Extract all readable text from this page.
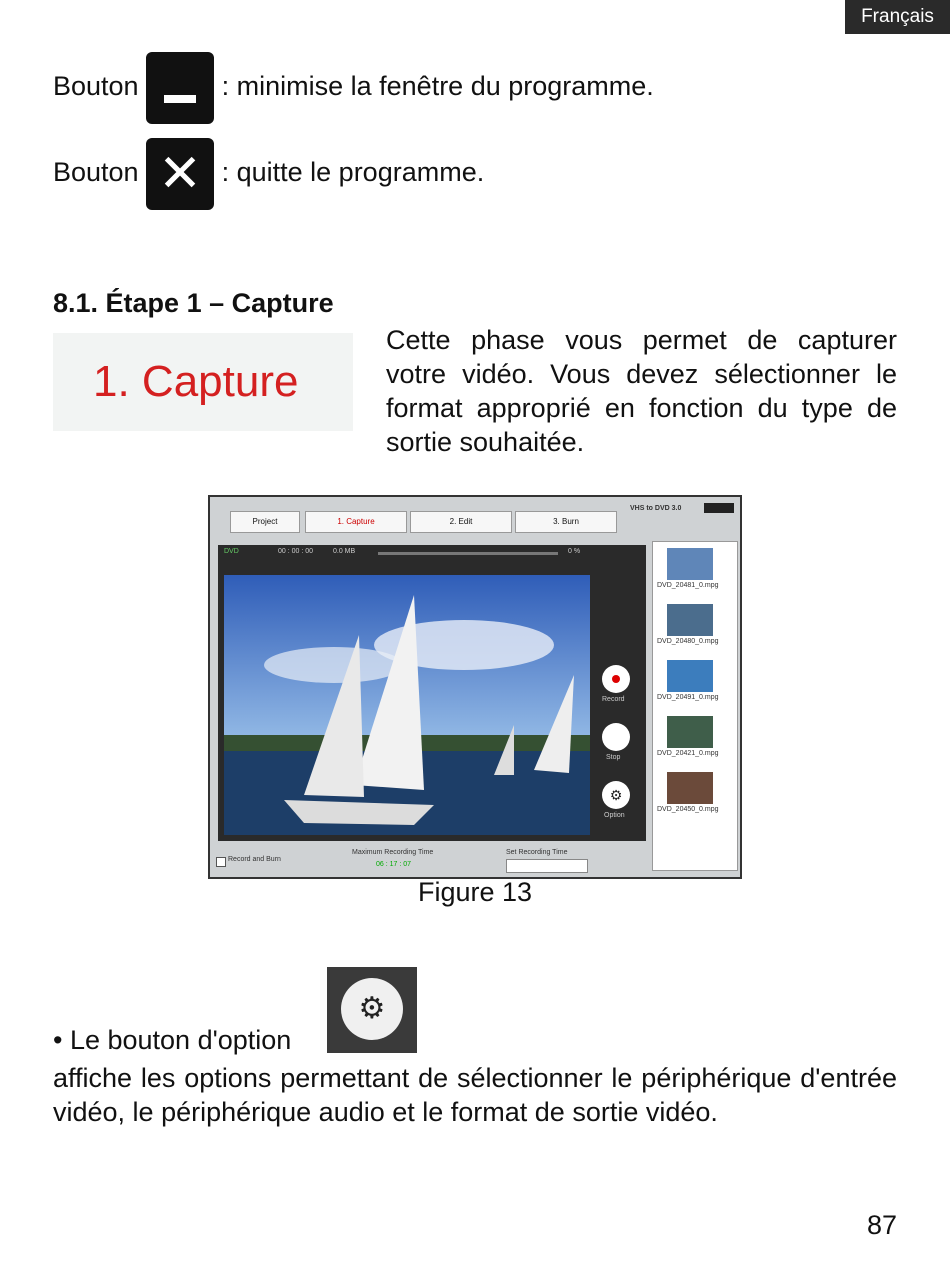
Français
Bouton	: minimise la fenêtre du programme.
Bouton ✕ : quitte le programme.
8.1. Étape 1 – Capture
1. Capture
Cette phase vous permet de capturer votre vidéo. Vous devez sélectionner le format approprié en fonction du type de sortie souhaitée.
Project	1. Capture	2. Edit	3. Burn
VHS to DVD 3.0
DVD	00 : 00 : 00	0.0 MB	0 %
Record
Stop
⚙
Option
DVD_20481_0.mpg
DVD_20480_0.mpg
DVD_20491_0.mpg
DVD_20421_0.mpg
DVD_20450_0.mpg
Record and Burn
Maximum Recording Time
06 : 17 : 07
Set Recording Time
Figure 13
⚙
• Le bouton d'option
affiche les options permettant de sélectionner le périphérique d'entrée vidéo, le périphérique audio et le format de sortie vidéo.
87
